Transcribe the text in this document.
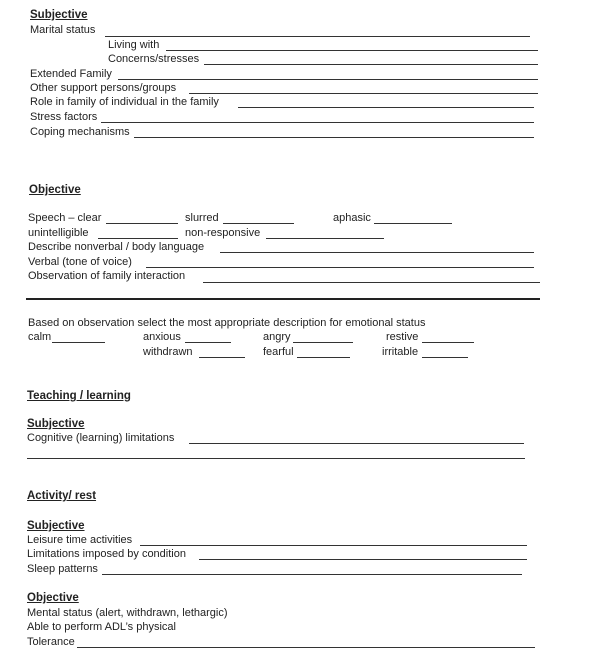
Subjective
Marital status
Living with
Concerns/stresses
Extended Family
Other support persons/groups
Role in family of individual in the family
Stress factors
Coping mechanisms
Objective
Speech – clear	slurred	aphasic
unintelligible	non-responsive
Describe nonverbal / body language
Verbal (tone of voice)
Observation of family interaction
Based on observation select the most appropriate description for emotional status
calm	anxious	angry	restive
withdrawn	fearful	irritable
Teaching / learning
Subjective
Cognitive (learning) limitations
Activity/ rest
Subjective
Leisure time activities
Limitations imposed by condition
Sleep patterns
Objective
Mental status (alert, withdrawn, lethargic)
Able to perform ADL’s physical
Tolerance
